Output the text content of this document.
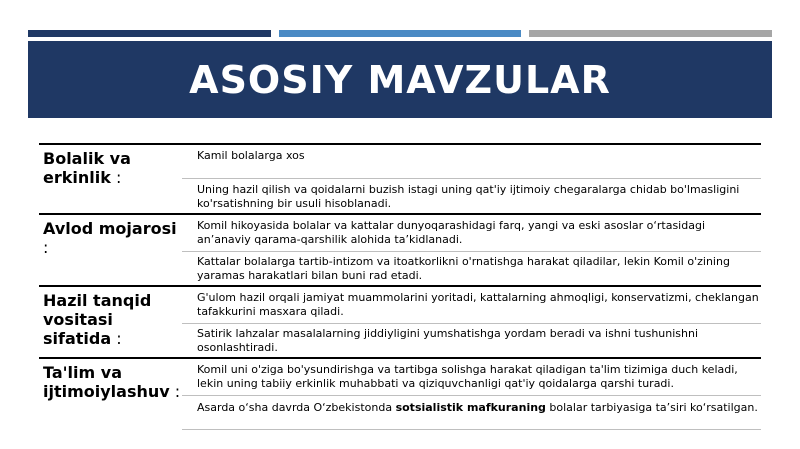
ASOSIY MAVZULAR
Bolalik va erkinlik :
Kamil bolalarga xos
Uning hazil qilish va qoidalarni buzish istagi uning qat'iy ijtimoiy chegaralarga chidab bo'lmasligini ko'rsatishning bir usuli hisoblanadi.
Avlod mojarosi :
Komil hikoyasida bolalar va kattalar dunyoqarashidagi farq, yangi va eski asoslar o‘rtasidagi an’anaviy qarama-qarshilik alohida ta’kidlanadi.
Kattalar bolalarga tartib-intizom va itoatkorlikni o'rnatishga harakat qiladilar, lekin Komil o'zining yaramas harakatlari bilan buni rad etadi.
Hazil tanqid vositasi sifatida :
G'ulom hazil orqali jamiyat muammolarini yoritadi, kattalarning ahmoqligi, konservatizmi, cheklangan tafakkurini masxara qiladi.
Satirik lahzalar masalalarning jiddiyligini yumshatishga yordam beradi va ishni tushunishni osonlashtiradi.
Ta'lim va ijtimoiylashuv :
Komil uni o'ziga bo'ysundirishga va tartibga solishga harakat qiladigan ta'lim tizimiga duch keladi, lekin uning tabiiy erkinlik muhabbati va qiziquvchanligi qat'iy qoidalarga qarshi turadi.
Asarda o‘sha davrda O‘zbekistonda sotsialistik mafkuraning bolalar tarbiyasiga ta’siri ko‘rsatilgan.
